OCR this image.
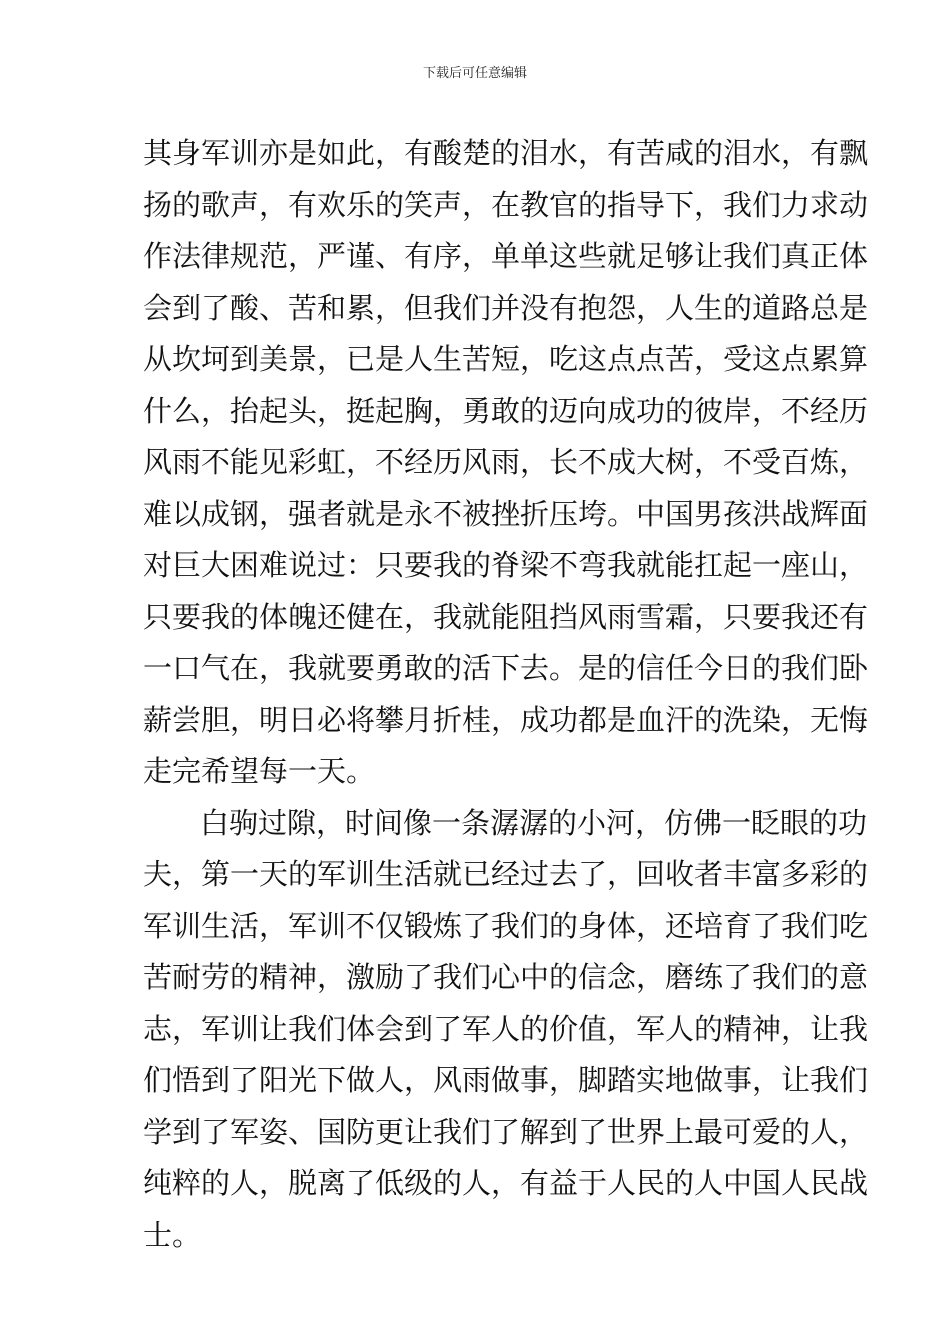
下载后可任意编辑
其身军训亦是如此，有酸楚的泪水，有苦咸的泪水，有飘
扬的歌声，有欢乐的笑声，在教官的指导下，我们力求动
作法律规范，严谨、有序，单单这些就足够让我们真正体
会到了酸、苦和累，但我们并没有抱怨，人生的道路总是
从坎坷到美景，已是人生苦短，吃这点点苦，受这点累算
什么，抬起头，挺起胸，勇敢的迈向成功的彼岸，不经历
风雨不能见彩虹，不经历风雨，长不成大树，不受百炼，
难以成钢，强者就是永不被挫折压垮。中国男孩洪战辉面
对巨大困难说过：只要我的脊梁不弯我就能扛起一座山，
只要我的体魄还健在，我就能阻挡风雨雪霜，只要我还有
一口气在，我就要勇敢的活下去。是的信任今日的我们卧
薪尝胆，明日必将攀月折桂，成功都是血汗的洗染，无悔
走完希望每一天。
白驹过隙，时间像一条潺潺的小河，仿佛一眨眼的功
夫，第一天的军训生活就已经过去了，回收者丰富多彩的
军训生活，军训不仅锻炼了我们的身体，还培育了我们吃
苦耐劳的精神，激励了我们心中的信念，磨练了我们的意
志，军训让我们体会到了军人的价值，军人的精神，让我
们悟到了阳光下做人，风雨做事，脚踏实地做事，让我们
学到了军姿、国防更让我们了解到了世界上最可爱的人，
纯粹的人，脱离了低级的人，有益于人民的人中国人民战
士。
